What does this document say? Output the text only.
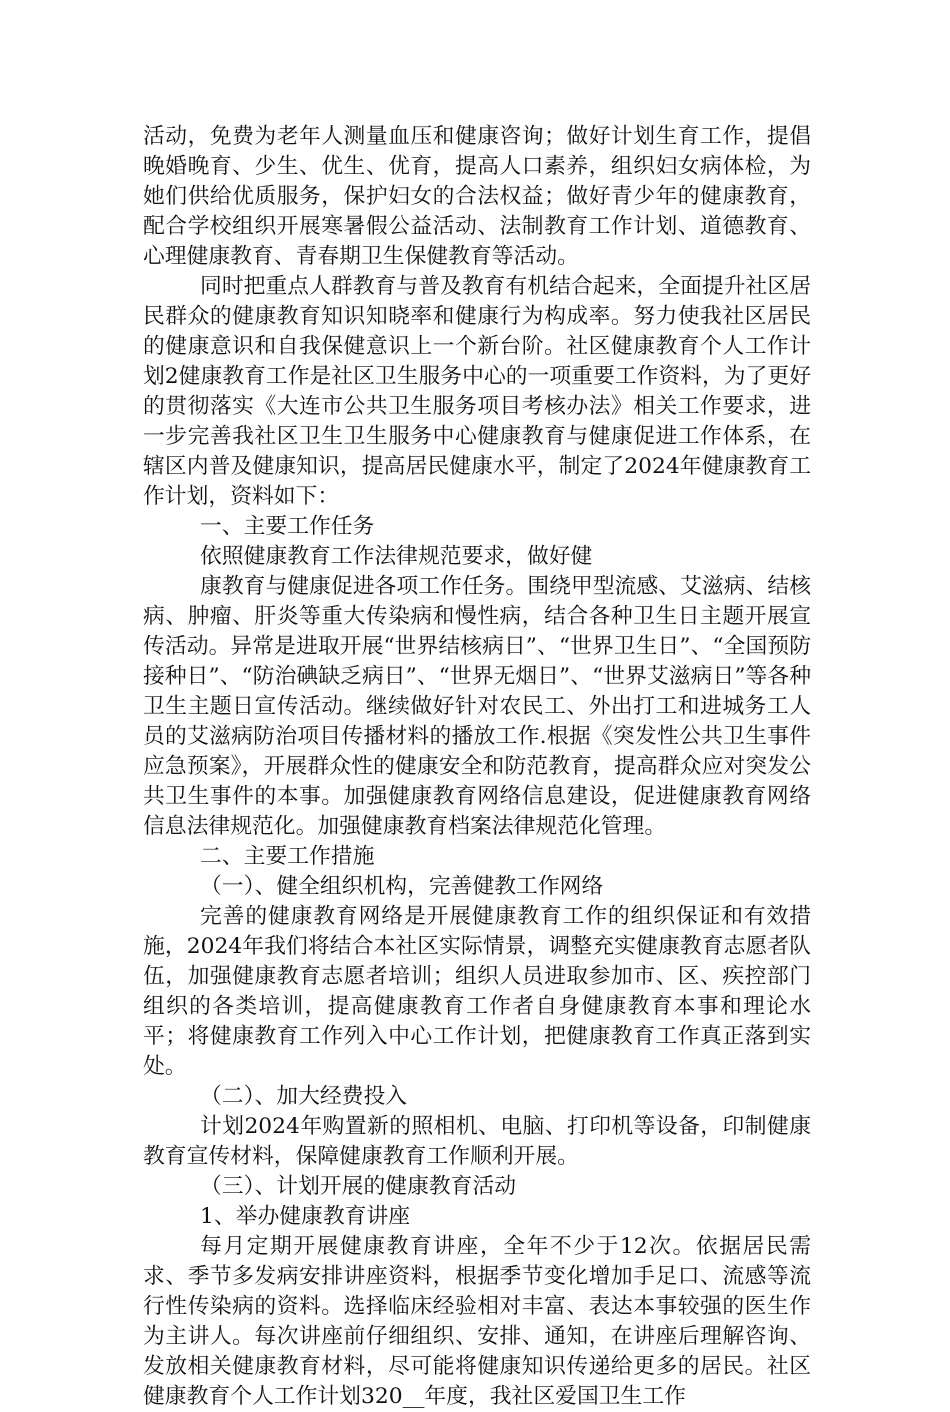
活动，免费为老年人测量血压和健康咨询；做好计划生育工作，提倡晚婚晚育、少生、优生、优育，提高人口素养，组织妇女病体检，为她们供给优质服务，保护妇女的合法权益；做好青少年的健康教育，配合学校组织开展寒暑假公益活动、法制教育工作计划、道德教育、心理健康教育、青春期卫生保健教育等活动。

同时把重点人群教育与普及教育有机结合起来，全面提升社区居民群众的健康教育知识知晓率和健康行为构成率。努力使我社区居民的健康意识和自我保健意识上一个新台阶。社区健康教育个人工作计划2健康教育工作是社区卫生服务中心的一项重要工作资料，为了更好的贯彻落实《大连市公共卫生服务项目考核办法》相关工作要求，进一步完善我社区卫生卫生服务中心健康教育与健康促进工作体系，在辖区内普及健康知识，提高居民健康水平，制定了2024年健康教育工作计划，资料如下：

一、主要工作任务

依照健康教育工作法律规范要求，做好健

康教育与健康促进各项工作任务。围绕甲型流感、艾滋病、结核病、肿瘤、肝炎等重大传染病和慢性病，结合各种卫生日主题开展宣传活动。异常是进取开展“世界结核病日”、“世界卫生日”、“全国预防接种日”、“防治碘缺乏病日”、“世界无烟日”、“世界艾滋病日”等各种卫生主题日宣传活动。继续做好针对农民工、外出打工和进城务工人员的艾滋病防治项目传播材料的播放工作.根据《突发性公共卫生事件应急预案》，开展群众性的健康安全和防范教育，提高群众应对突发公共卫生事件的本事。加强健康教育网络信息建设，促进健康教育网络信息法律规范化。加强健康教育档案法律规范化管理。

二、主要工作措施

（一）、健全组织机构，完善健教工作网络

完善的健康教育网络是开展健康教育工作的组织保证和有效措施，2024年我们将结合本社区实际情景，调整充实健康教育志愿者队伍，加强健康教育志愿者培训；组织人员进取参加市、区、疾控部门组织的各类培训，提高健康教育工作者自身健康教育本事和理论水平；将健康教育工作列入中心工作计划，把健康教育工作真正落到实处。

（二）、加大经费投入

计划2024年购置新的照相机、电脑、打印机等设备，印制健康教育宣传材料，保障健康教育工作顺利开展。

（三）、计划开展的健康教育活动

1、举办健康教育讲座

每月定期开展健康教育讲座，全年不少于12次。依据居民需求、季节多发病安排讲座资料，根据季节变化增加手足口、流感等流行性传染病的资料。选择临床经验相对丰富、表达本事较强的医生作为主讲人。每次讲座前仔细组织、安排、通知，在讲座后理解咨询、发放相关健康教育材料，尽可能将健康知识传递给更多的居民。社区健康教育个人工作计划320__年度，我社区爱国卫生工作
